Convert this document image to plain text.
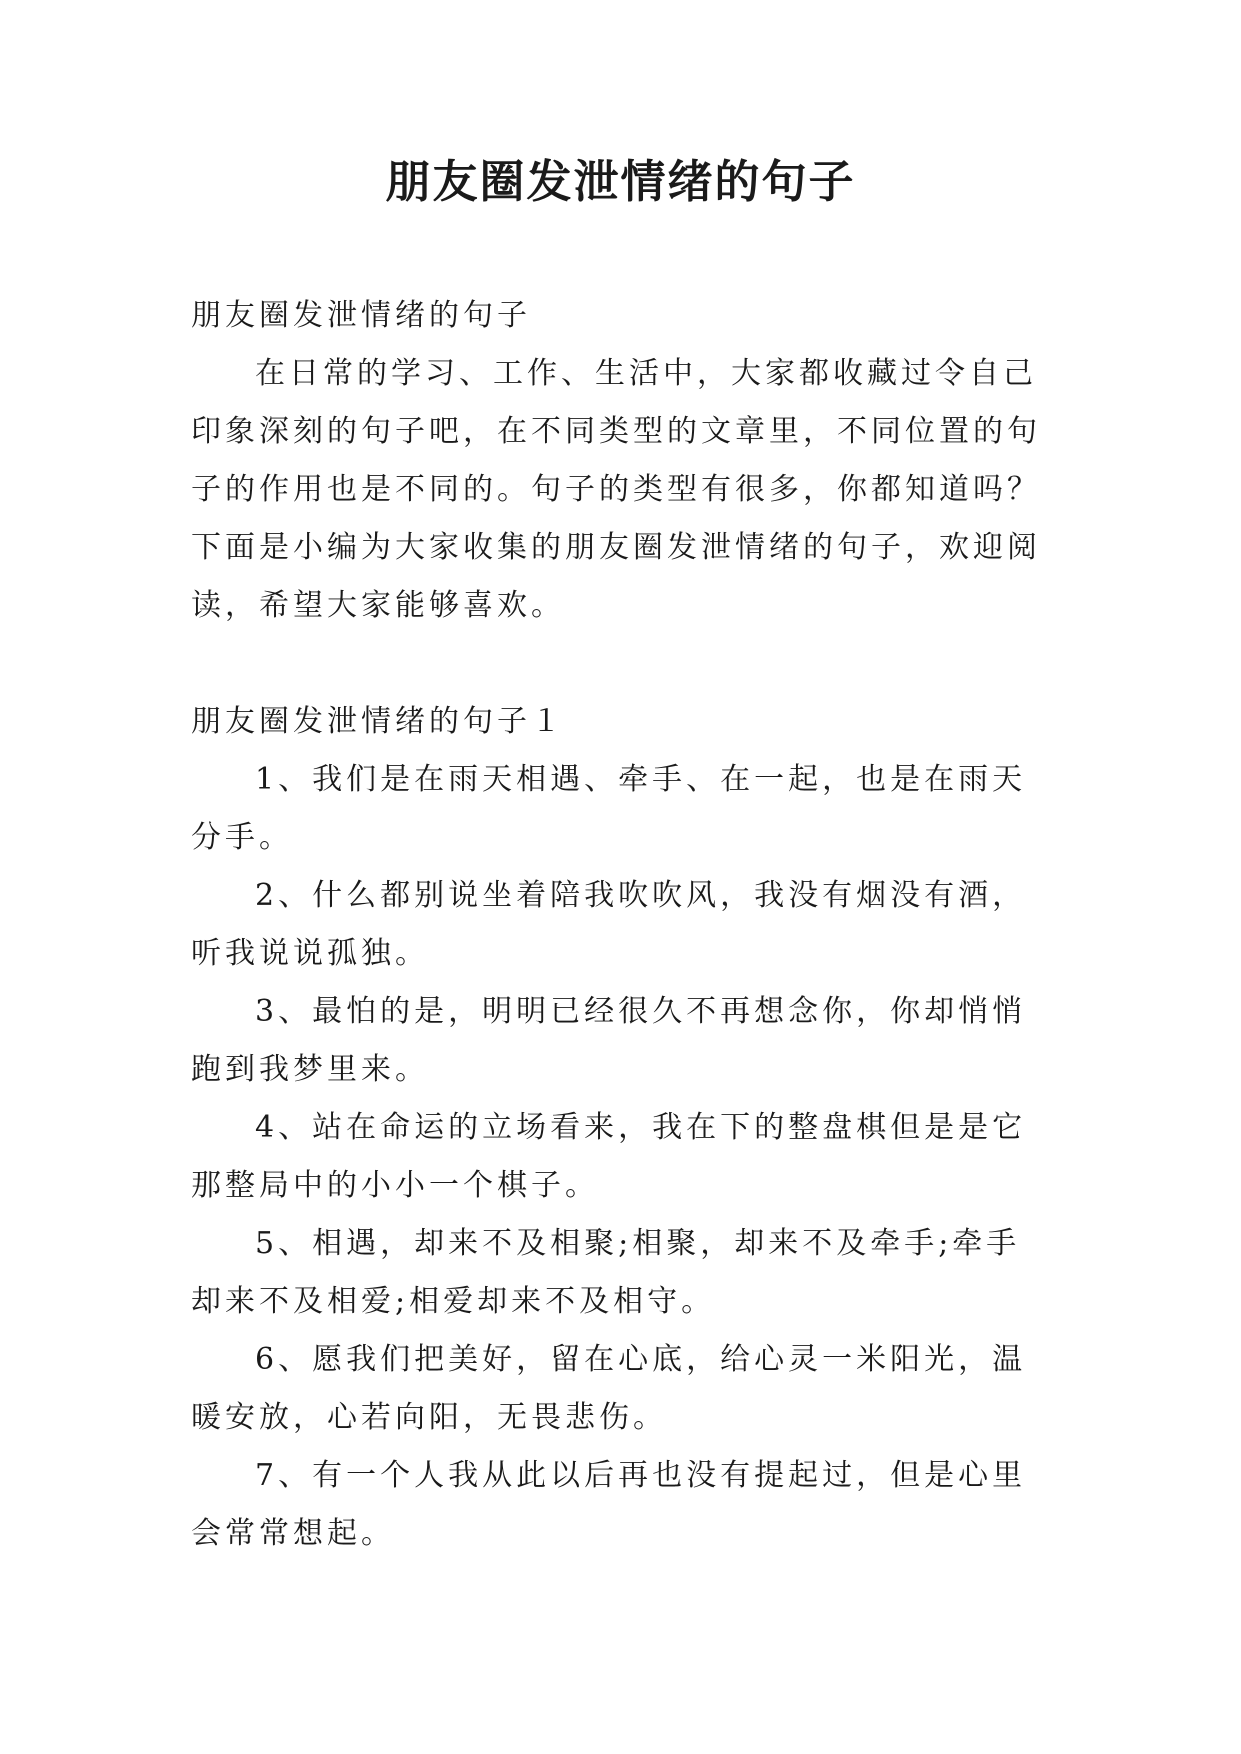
朋友圈发泄情绪的句子

朋友圈发泄情绪的句子

在日常的学习、工作、生活中，大家都收藏过令自己印象深刻的句子吧，在不同类型的文章里，不同位置的句子的作用也是不同的。句子的类型有很多，你都知道吗？下面是小编为大家收集的朋友圈发泄情绪的句子，欢迎阅读，希望大家能够喜欢。

朋友圈发泄情绪的句子１

1、我们是在雨天相遇、牵手、在一起，也是在雨天分手。

2、什么都别说坐着陪我吹吹风，我没有烟没有酒，听我说说孤独。

3、最怕的是，明明已经很久不再想念你，你却悄悄跑到我梦里来。

4、站在命运的立场看来，我在下的整盘棋但是是它那整局中的小小一个棋子。

5、相遇，却来不及相聚;相聚，却来不及牵手;牵手却来不及相爱;相爱却来不及相守。

6、愿我们把美好，留在心底，给心灵一米阳光，温暖安放，心若向阳，无畏悲伤。

7、有一个人我从此以后再也没有提起过，但是心里会常常想起。
